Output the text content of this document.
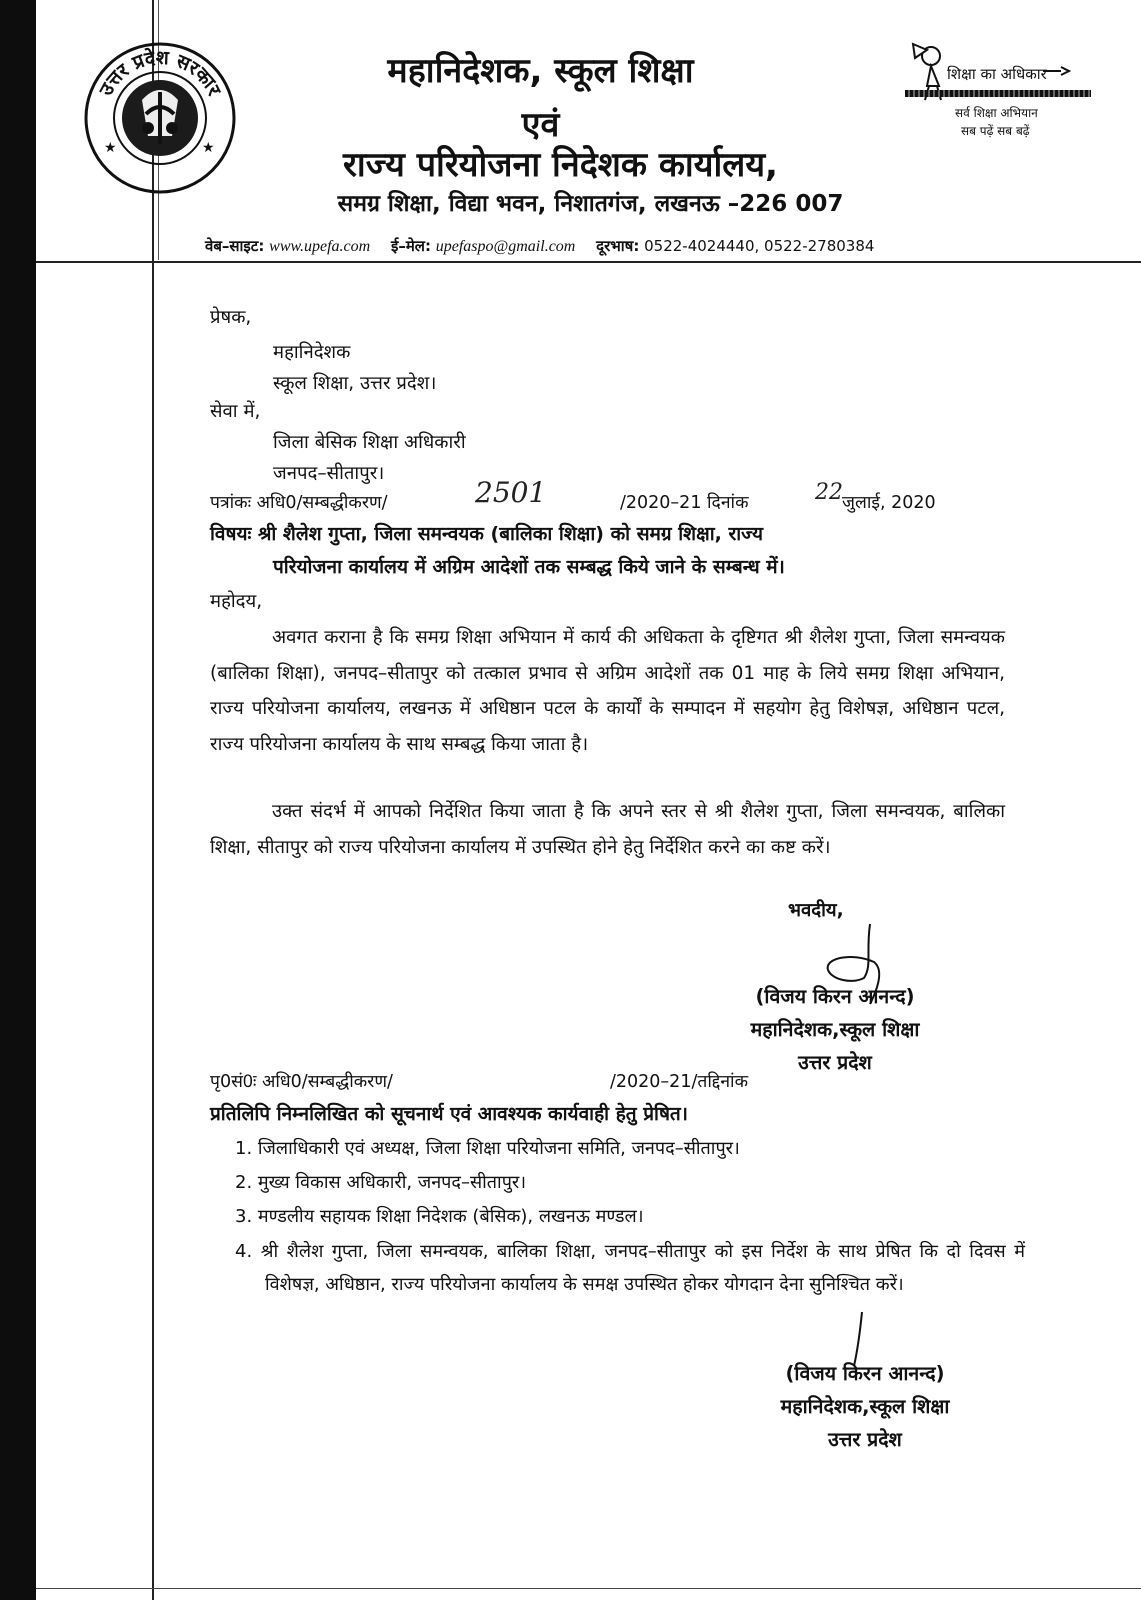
★	★
उत्तर प्रदेश सरकार	महानिदेशक, स्कूल शिक्षा
एवं
राज्य परियोजना निदेशक कार्यालय,
समग्र शिक्षा, विद्या भवन, निशातगंज, लखनऊ –226 007
शिक्षा का अधिकार
सर्व शिक्षा अभियान
सब पढ़ें सब बढ़ें
वेब–साइट: www.upefa.com ई–मेल: upefaspo@gmail.com दूरभाष: 0522-4024440, 0522-2780384
प्रेषक,
महानिदेशक
स्कूल शिक्षा, उत्तर प्रदेश।
सेवा में,
जिला बेसिक शिक्षा अधिकारी
जनपद–सीतापुर।
पत्रांकः अधि0/सम्बद्धीकरण/	2501	/2020–21 दिनांक	22 जुलाई, 2020
विषयः श्री शैलेश गुप्ता, जिला समन्वयक (बालिका शिक्षा) को समग्र शिक्षा, राज्य
परियोजना कार्यालय में अग्रिम आदेशों तक सम्बद्ध किये जाने के सम्बन्ध में।
महोदय,
अवगत कराना है कि समग्र शिक्षा अभियान में कार्य की अधिकता के दृष्टिगत श्री शैलेश गुप्ता, जिला समन्वयक (बालिका शिक्षा), जनपद–सीतापुर को तत्काल प्रभाव से अग्रिम आदेशों तक 01 माह के लिये समग्र शिक्षा अभियान, राज्य परियोजना कार्यालय, लखनऊ में अधिष्ठान पटल के कार्यों के सम्पादन में सहयोग हेतु विशेषज्ञ, अधिष्ठान पटल, राज्य परियोजना कार्यालय के साथ सम्बद्ध किया जाता है।
उक्त संदर्भ में आपको निर्देशित किया जाता है कि अपने स्तर से श्री शैलेश गुप्ता, जिला समन्वयक, बालिका शिक्षा, सीतापुर को राज्य परियोजना कार्यालय में उपस्थित होने हेतु निर्देशित करने का कष्ट करें।
भवदीय,
(विजय किरन आनन्द)
महानिदेशक,स्कूल शिक्षा
उत्तर प्रदेश
पृ0सं0ः अधि0/सम्बद्धीकरण/	/2020–21/तद्दिनांक
प्रतिलिपि निम्नलिखित को सूचनार्थ एवं आवश्यक कार्यवाही हेतु प्रेषित।
1. जिलाधिकारी एवं अध्यक्ष, जिला शिक्षा परियोजना समिति, जनपद–सीतापुर।
2. मुख्य विकास अधिकारी, जनपद–सीतापुर।
3. मण्डलीय सहायक शिक्षा निदेशक (बेसिक), लखनऊ मण्डल।
4. श्री शैलेश गुप्ता, जिला समन्वयक, बालिका शिक्षा, जनपद–सीतापुर को इस निर्देश के साथ प्रेषित कि दो दिवस में विशेषज्ञ, अधिष्ठान, राज्य परियोजना कार्यालय के समक्ष उपस्थित होकर योगदान देना सुनिश्चित करें।
(विजय किरन आनन्द)
महानिदेशक,स्कूल शिक्षा
उत्तर प्रदेश
